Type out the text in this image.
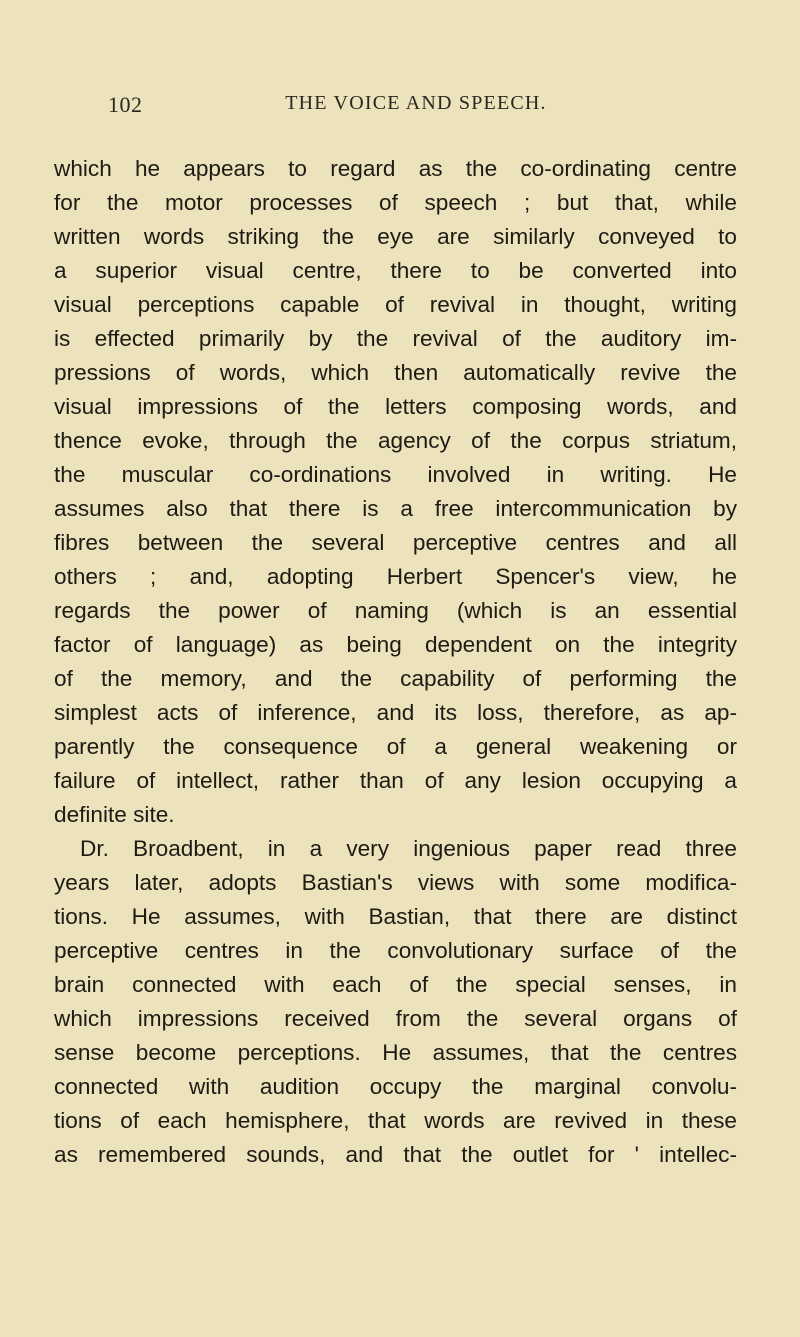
102	THE VOICE AND SPEECH.
which he appears to regard as the co-ordinating centre
for the motor processes of speech ; but that, while
written words striking the eye are similarly conveyed to
a superior visual centre, there to be converted into
visual perceptions capable of revival in thought, writing
is effected primarily by the revival of the auditory im-
pressions of words, which then automatically revive the
visual impressions of the letters composing words, and
thence evoke, through the agency of the corpus striatum,
the muscular co-ordinations involved in writing. He
assumes also that there is a free intercommunication by
fibres between the several perceptive centres and all
others ; and, adopting Herbert Spencer's view, he
regards the power of naming (which is an essential
factor of language) as being dependent on the integrity
of the memory, and the capability of performing the
simplest acts of inference, and its loss, therefore, as ap-
parently the consequence of a general weakening or
failure of intellect, rather than of any lesion occupying a
definite site.
Dr. Broadbent, in a very ingenious paper read three
years later, adopts Bastian's views with some modifica-
tions. He assumes, with Bastian, that there are distinct
perceptive centres in the convolutionary surface of the
brain connected with each of the special senses, in
which impressions received from the several organs of
sense become perceptions. He assumes, that the centres
connected with audition occupy the marginal convolu-
tions of each hemisphere, that words are revived in these
as remembered sounds, and that the outlet for ' intellec-
